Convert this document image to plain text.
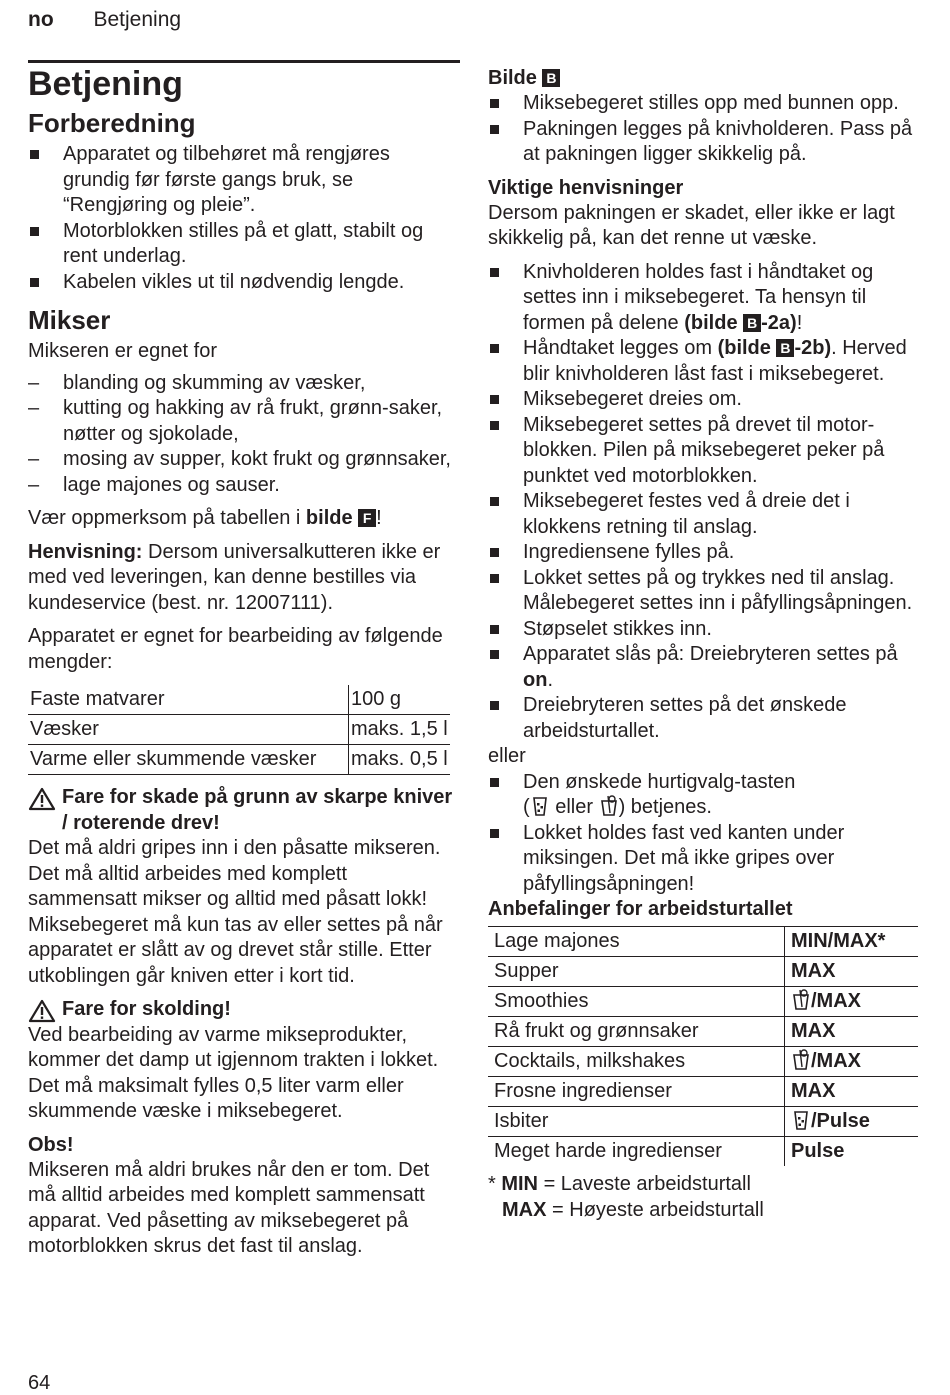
no Betjening
Betjening
Forberedning
Apparatet og tilbehøret må rengjøres grundig før første gangs bruk, se “Rengjøring og pleie”.
Motorblokken stilles på et glatt, stabilt og rent underlag.
Kabelen vikles ut til nødvendig lengde.
Mikser

Mikseren er egnet for

– blanding og skumming av væsker,
– kutting og hakking av rå frukt, grønn-saker, nøtter og sjokolade,
– mosing av supper, kokt frukt og grønnsaker,
– lage majones og sauser.

Vær oppmerksom på tabellen i bilde F !

Henvisning: Dersom universalkutteren ikke er med ved leveringen, kan denne bestilles via kundeservice (best. nr. 12007111).

Apparatet er egnet for bearbeiding av følgende mengder:

Faste matvarer	100 g
Væsker	maks. 1,5 l
Varme eller skummende væsker	maks. 0,5 l
Fare for skade på grunn av skarpe kniver / roterende drev!

Det må aldri gripes inn i den påsatte mikseren. Det må alltid arbeides med komplett sammensatt mikser og alltid med påsatt lokk! Miksebegeret må kun tas av eller settes på når apparatet er slått av og drevet står stille. Etter utkoblingen går kniven etter i kort tid.

Fare for skolding!

Ved bearbeiding av varme mikseprodukter, kommer det damp ut igjennom trakten i lokket. Det må maksimalt fylles 0,5 liter varm eller skummende væske i miksebegeret.

Obs!

Mikseren må aldri brukes når den er tom. Det må alltid arbeides med komplett sammensatt apparat. Ved påsetting av miksebegeret på motorblokken skrus det fast til anslag.

Bilde B
Miksebegeret stilles opp med bunnen opp.
Pakningen legges på knivholderen. Pass på at pakningen ligger skikkelig på.
Viktige henvisninger

Dersom pakningen er skadet, eller ikke er lagt skikkelig på, kan det renne ut væske.

Knivholderen holdes fast i håndtaket og settes inn i miksebegeret. Ta hensyn til formen på delene (bilde B -2a)!
Håndtaket legges om (bilde B -2b). Herved blir knivholderen låst fast i miksebegeret.
Miksebegeret dreies om.
Miksebegeret settes på drevet til motor-blokken. Pilen på miksebegeret peker på punktet ved motorblokken.
Miksebegeret festes ved å dreie det i klokkens retning til anslag.
Ingrediensene fylles på.
Lokket settes på og trykkes ned til anslag. Målebegeret settes inn i påfyllingsåpningen.
Støpselet stikkes inn.
Apparatet slås på: Dreiebryteren settes på on.
Dreiebryteren settes på det ønskede arbeidsturtallet.

eller

Den ønskede hurtigvalg-tasten
( eller ) betjenes.
Lokket holdes fast ved kanten under miksingen. Det må ikke gripes over påfyllingsåpningen!
Anbefalinger for arbeidsturtallet
Lage majones	MIN/MAX*
Supper	MAX
Smoothies	/MAX
Rå frukt og grønnsaker	MAX
Cocktails, milkshakes	/MAX
Frosne ingredienser	MAX
Isbiter	/Pulse
Meget harde ingredienser	Pulse
* MIN = Laveste arbeidsturtall
MAX = Høyeste arbeidsturtall
64
